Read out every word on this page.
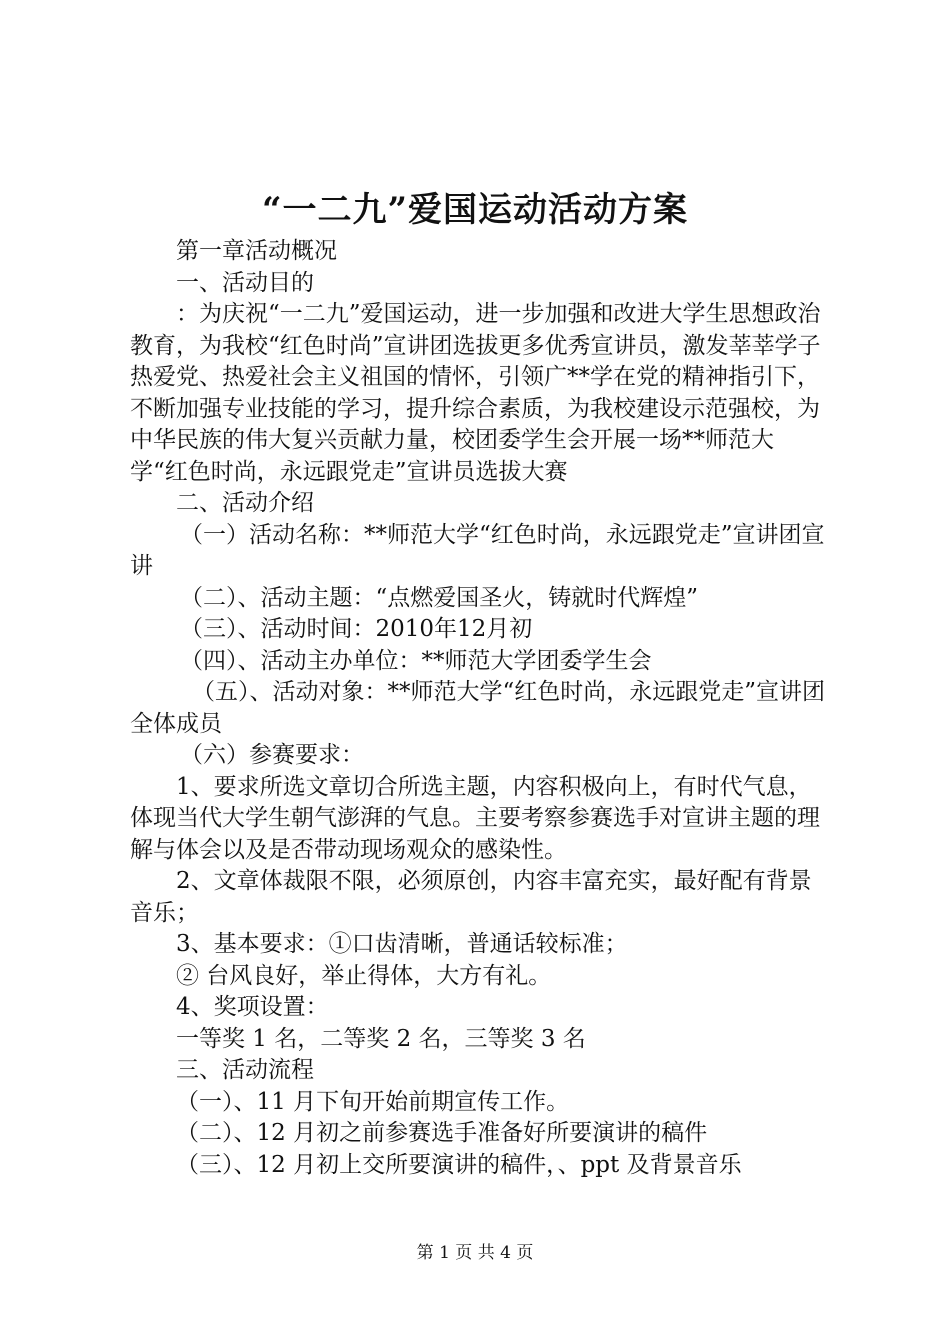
“一二九”爱国运动活动方案

第一章活动概况

一、活动目的

：为庆祝“一二九”爱国运动，进一步加强和改进大学生思想政治教育，为我校“红色时尚”宣讲团选拔更多优秀宣讲员，激发莘莘学子热爱党、热爱社会主义祖国的情怀，引领广**学在党的精神指引下，不断加强专业技能的学习，提升综合素质，为我校建设示范强校，为中华民族的伟大复兴贡献力量，校团委学生会开展一场**师范大学“红色时尚，永远跟党走”宣讲员选拔大赛

二、活动介绍

（一）活动名称：**师范大学“红色时尚，永远跟党走”宣讲团宣讲

（二）、活动主题：“点燃爱国圣火，铸就时代辉煌”

（三）、活动时间：2010年12月初

（四）、活动主办单位：**师范大学团委学生会

（五）、活动对象：**师范大学“红色时尚，永远跟党走”宣讲团全体成员

（六）参赛要求：

1、要求所选文章切合所选主题，内容积极向上，有时代气息，体现当代大学生朝气澎湃的气息。主要考察参赛选手对宣讲主题的理解与体会以及是否带动现场观众的感染性。

2、文章体裁限不限，必须原创，内容丰富充实，最好配有背景音乐；

3、基本要求：①口齿清晰，普通话较标准；

② 台风良好，举止得体，大方有礼。

4、奖项设置：

一等奖 1 名，二等奖 2 名，三等奖 3 名

三、活动流程

（一）、11 月下旬开始前期宣传工作。

（二）、12 月初之前参赛选手准备好所要演讲的稿件

（三）、12 月初上交所要演讲的稿件，、ppt 及背景音乐

第 1 页 共 4 页
